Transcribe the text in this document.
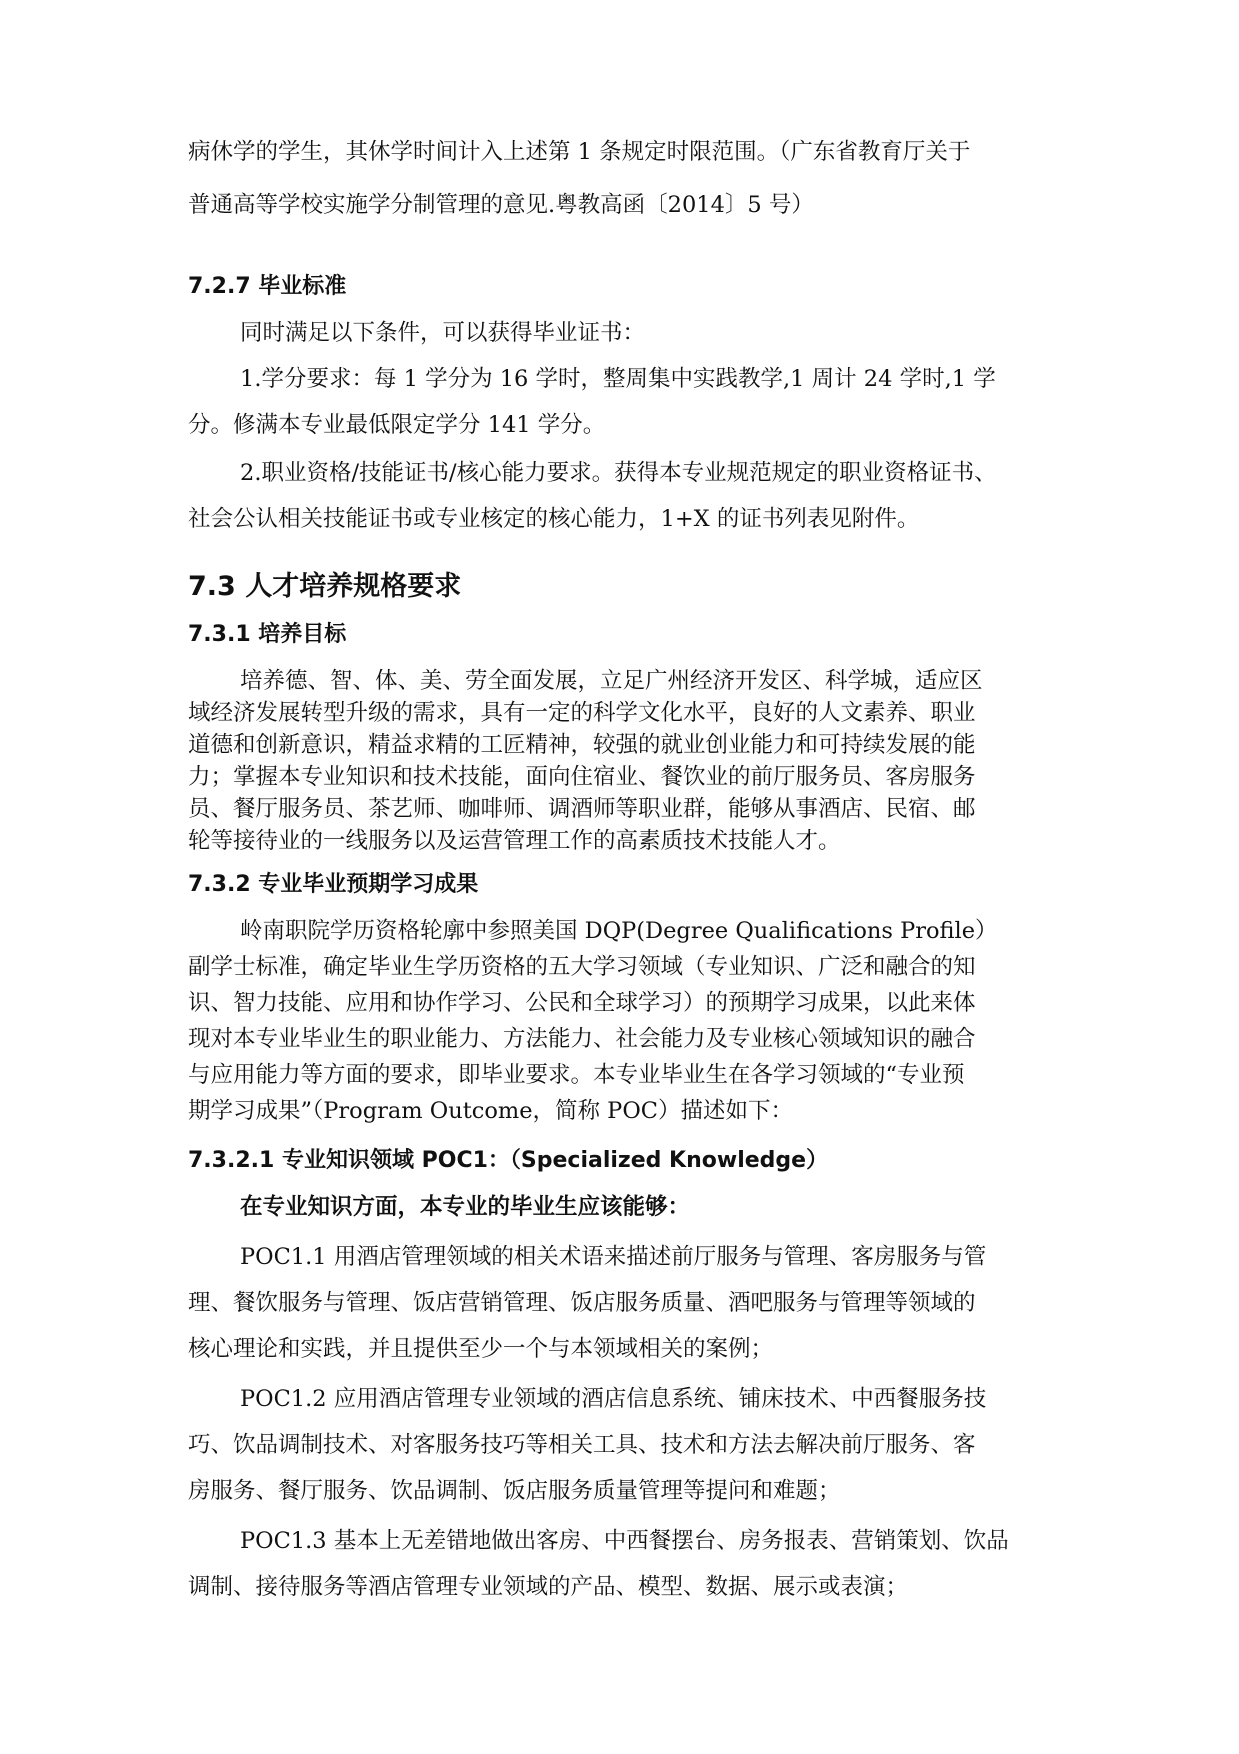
病休学的学生，其休学时间计入上述第 1 条规定时限范围。（广东省教育厅关于
普通高等学校实施学分制管理的意见.粤教高函〔2014〕5 号）
7.2.7 毕业标准
同时满足以下条件，可以获得毕业证书：
1.学分要求：每 1 学分为 16 学时，整周集中实践教学,1 周计 24 学时,1 学
分。修满本专业最低限定学分 141 学分。
2.职业资格/技能证书/核心能力要求。获得本专业规范规定的职业资格证书、
社会公认相关技能证书或专业核定的核心能力，1+X 的证书列表见附件。
7.3 人才培养规格要求
7.3.1 培养目标
培养德、智、体、美、劳全面发展，立足广州经济开发区、科学城，适应区
域经济发展转型升级的需求，具有一定的科学文化水平，良好的人文素养、职业
道德和创新意识，精益求精的工匠精神，较强的就业创业能力和可持续发展的能
力；掌握本专业知识和技术技能，面向住宿业、餐饮业的前厅服务员、客房服务
员、餐厅服务员、茶艺师、咖啡师、调酒师等职业群，能够从事酒店、民宿、邮
轮等接待业的一线服务以及运营管理工作的高素质技术技能人才。
7.3.2 专业毕业预期学习成果
岭南职院学历资格轮廓中参照美国 DQP(Degree Qualifications Profile）
副学士标准，确定毕业生学历资格的五大学习领域（专业知识、广泛和融合的知
识、智力技能、应用和协作学习、公民和全球学习）的预期学习成果，以此来体
现对本专业毕业生的职业能力、方法能力、社会能力及专业核心领域知识的融合
与应用能力等方面的要求，即毕业要求。本专业毕业生在各学习领域的“专业预
期学习成果”（Program Outcome，简称 POC）描述如下：
7.3.2.1 专业知识领域 POC1：（Specialized Knowledge）
在专业知识方面，本专业的毕业生应该能够：
POC1.1 用酒店管理领域的相关术语来描述前厅服务与管理、客房服务与管
理、餐饮服务与管理、饭店营销管理、饭店服务质量、酒吧服务与管理等领域的
核心理论和实践，并且提供至少一个与本领域相关的案例；
POC1.2 应用酒店管理专业领域的酒店信息系统、铺床技术、中西餐服务技
巧、饮品调制技术、对客服务技巧等相关工具、技术和方法去解决前厅服务、客
房服务、餐厅服务、饮品调制、饭店服务质量管理等提问和难题；
POC1.3 基本上无差错地做出客房、中西餐摆台、房务报表、营销策划、饮品
调制、接待服务等酒店管理专业领域的产品、模型、数据、展示或表演；
